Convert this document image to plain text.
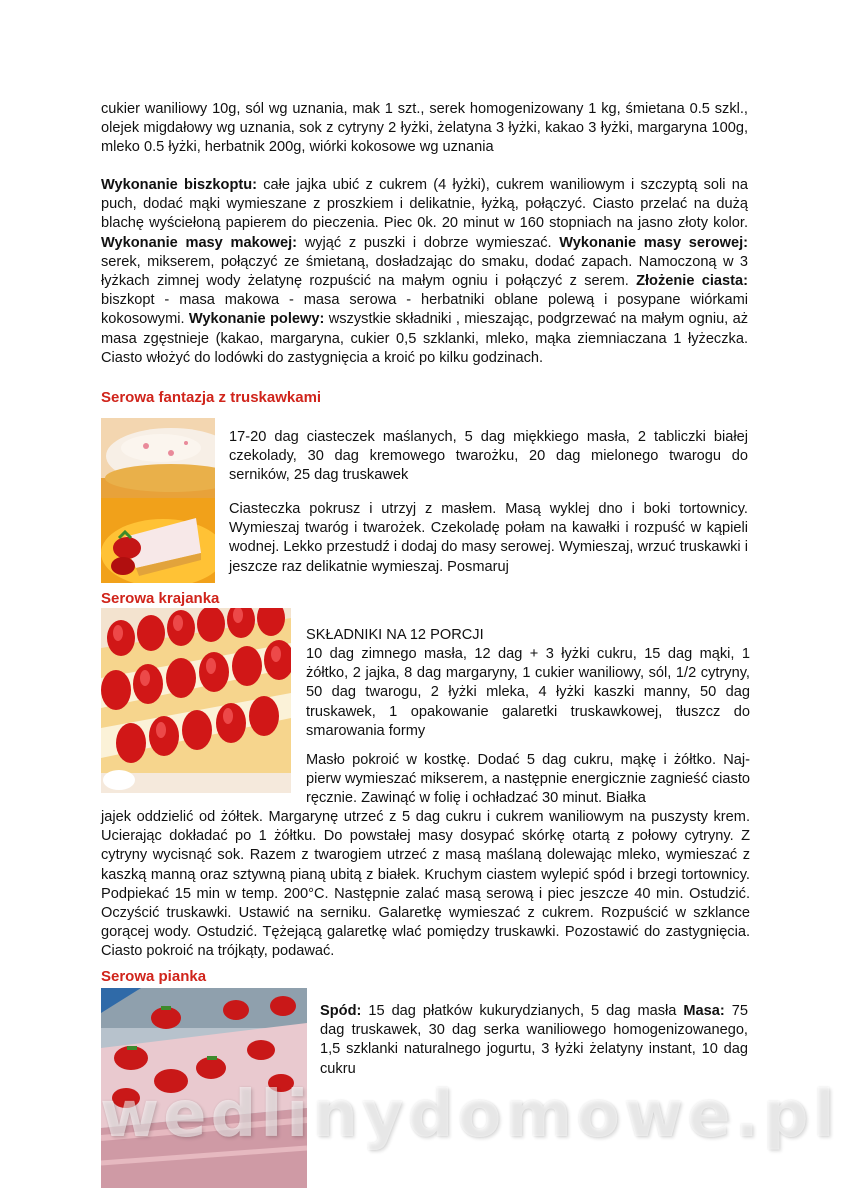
cukier waniliowy 10g, sól wg uznania, mak 1 szt., serek homogenizowany 1 kg, śmietana 0.5 szkl., olejek migdałowy wg uznania, sok z cytryny 2 łyżki, żelatyna 3 łyżki, kakao 3 łyżki, margaryna 100g, mleko 0.5 łyżki, herbatnik 200g, wiórki kokosowe wg uznania

Wykonanie biszkoptu: całe jajka ubić z cukrem (4 łyżki), cukrem waniliowym i szczyptą soli na puch, dodać mąki wymieszane z proszkiem i delikatnie, łyżką, połączyć. Ciasto przelać na dużą blachę wyściełoną papierem do pieczenia. Piec 0k. 20 minut w 160 stopniach na jasno złoty kolor. Wykonanie masy makowej: wyjąć z puszki i dobrze wymieszać. Wykonanie masy serowej: serek, mikserem, połączyć ze śmietaną, dosładzając do smaku, dodać zapach. Namoczoną w 3 łyżkach zimnej wody żelatynę rozpuścić na małym ogniu i połączyć z serem. Złożenie ciasta: biszkopt - masa makowa - masa serowa - herbatniki oblane polewą i posypane wiórkami kokosowymi. Wykonanie polewy: wszystkie składniki , mieszając, podgrzewać na małym ogniu, aż masa zgęstnieje (kakao, margaryna, cukier 0,5 szklanki, mleko, mąka ziemniaczana 1 łyżeczka. Ciasto włożyć do lodówki do zastygnięcia a kroić po kilku godzinach.

Serowa fantazja z truskawkami

17-20 dag ciasteczek maślanych, 5 dag miękkiego masła, 2 tabliczki białej czekolady, 30 dag kremowego twarożku, 20 dag mielonego twarogu do serników, 25 dag truskawek

Ciasteczka pokrusz i utrzyj z masłem. Masą wyklej dno i boki tortownicy. Wymieszaj twaróg i twarożek. Czekoladę połam na kawałki i rozpuść w kąpieli wodnej. Lekko przestudź i dodaj do masy serowej. Wymieszaj, wrzuć truskawki i jeszcze raz delikatnie wymieszaj. Posmaruj

Serowa krajanka

SKŁADNIKI NA 12 PORCJI

10 dag zimnego masła, 12 dag + 3 łyżki cukru, 15 dag mąki, 1 żółtko, 2 jajka, 8 dag margaryny, 1 cukier waniliowy, sól, 1/2 cytryny, 50 dag twarogu, 2 łyżki mleka, 4 łyżki kaszki manny, 50 dag truskawek, 1 opakowanie galaretki truskawkowej, tłuszcz do smarowania formy

Masło pokroić w kostkę. Dodać 5 dag cukru, mąkę i żółtko. Naj-pierw wymieszać mikserem, a następnie energicznie zagnieść ciasto ręcznie. Zawinąć w folię i ochładzać 30 minut. Białka

jajek oddzielić od żółtek. Margarynę utrzeć z 5 dag cukru i cukrem waniliowym na puszysty krem. Ucierając dokładać po 1 żółtku. Do powstałej masy dosypać skórkę otartą z połowy cytryny. Z cytryny wycisnąć sok. Razem z twarogiem utrzeć z masą maślaną dolewając mleko, wymieszać z kaszką manną oraz sztywną pianą ubitą z białek. Kruchym ciastem wylepić spód i brzegi tortownicy. Podpiekać 15 min w temp. 200°C. Następnie zalać masą serową i piec jeszcze 40 min. Ostudzić. Oczyścić truskawki. Ustawić na serniku. Galaretkę wymieszać z cukrem. Rozpuścić w szklance gorącej wody. Ostudzić. Tężejącą galaretkę wlać pomiędzy truskawki. Pozostawić do zastygnięcia. Ciasto pokroić na trójkąty, podawać.

Serowa pianka

Spód: 15 dag płatków kukurydzianych, 5 dag masła Masa: 75 dag truskawek, 30 dag serka waniliowego homogenizowanego, 1,5 szklanki naturalnego jogurtu, 3 łyżki żelatyny instant, 10 dag cukru

wedlinydomowe.pl
